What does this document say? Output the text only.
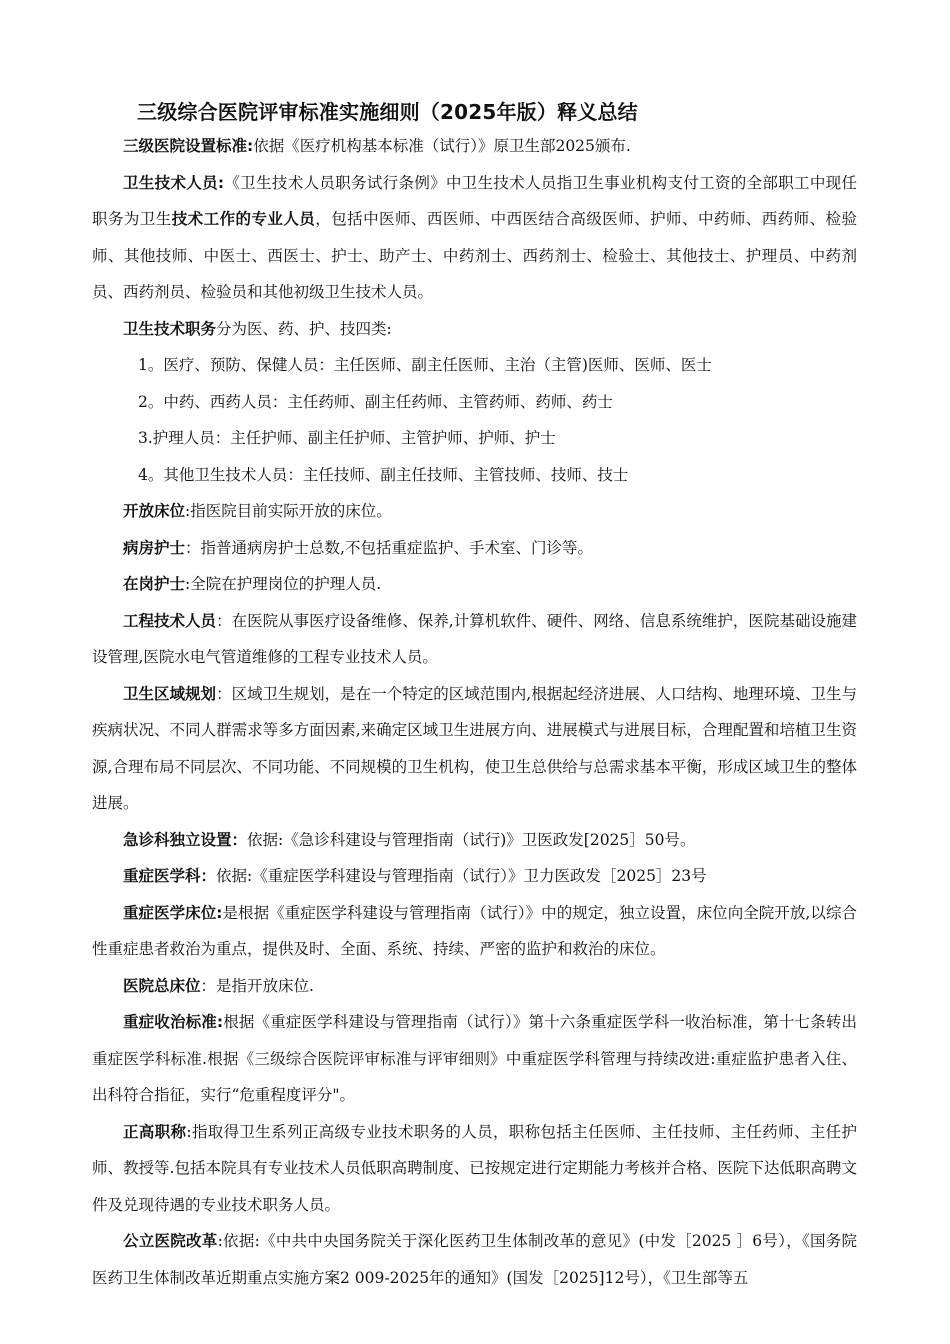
三级综合医院评审标准实施细则（2025年版）释义总结

三级医院设置标准:依据《医疗机构基本标准（试行）》原卫生部2025颁布.

卫生技术人员:《卫生技术人员职务试行条例》中卫生技术人员指卫生事业机构支付工资的全部职工中现任职务为卫生技术工作的专业人员，包括中医师、西医师、中西医结合高级医师、护师、中药师、西药师、检验师、其他技师、中医士、西医士、护士、助产士、中药剂士、西药剂士、检验士、其他技士、护理员、中药剂员、西药剂员、检验员和其他初级卫生技术人员。

卫生技术职务分为医、药、护、技四类:

1。医疗、预防、保健人员：主任医师、副主任医师、主治（主管)医师、医师、医士

2。中药、西药人员：主任药师、副主任药师、主管药师、药师、药士

3.护理人员：主任护师、副主任护师、主管护师、护师、护士

4。其他卫生技术人员：主任技师、副主任技师、主管技师、技师、技士

开放床位:指医院目前实际开放的床位。

病房护士：指普通病房护士总数,不包括重症监护、手术室、门诊等。

在岗护士:全院在护理岗位的护理人员.

工程技术人员：在医院从事医疗设备维修、保养,计算机软件、硬件、网络、信息系统维护，医院基础设施建设管理,医院水电气管道维修的工程专业技术人员。

卫生区域规划：区域卫生规划，是在一个特定的区域范围内,根据起经济进展、人口结构、地理环境、卫生与疾病状况、不同人群需求等多方面因素,来确定区域卫生进展方向、进展模式与进展目标，合理配置和培植卫生资源,合理布局不同层次、不同功能、不同规模的卫生机构，使卫生总供给与总需求基本平衡，形成区域卫生的整体进展。

急诊科独立设置：依据:《急诊科建设与管理指南（试行)》卫医政发[2025］50号。

重症医学科：依据:《重症医学科建设与管理指南（试行）》卫力医政发［2025］23号

重症医学床位:是根据《重症医学科建设与管理指南（试行）》中的规定，独立设置，床位向全院开放,以综合性重症患者救治为重点，提供及时、全面、系统、持续、严密的监护和救治的床位。

医院总床位：是指开放床位.

重症收治标准:根据《重症医学科建设与管理指南（试行）》第十六条重症医学科一收治标准，第十七条转出重症医学科标准.根据《三级综合医院评审标准与评审细则》中重症医学科管理与持续改进:重症监护患者入住、出科符合指征，实行“危重程度评分"。

正高职称:指取得卫生系列正高级专业技术职务的人员，职称包括主任医师、主任技师、主任药师、主任护师、教授等.包括本院具有专业技术人员低职高聘制度、已按规定进行定期能力考核并合格、医院下达低职高聘文件及兑现待遇的专业技术职务人员。

公立医院改革:依据:《中共中央国务院关于深化医药卫生体制改革的意见》(中发［2025 ］6号），《国务院医药卫生体制改革近期重点实施方案2 009-2025年的通知》(国发［2025]12号），《卫生部等五
